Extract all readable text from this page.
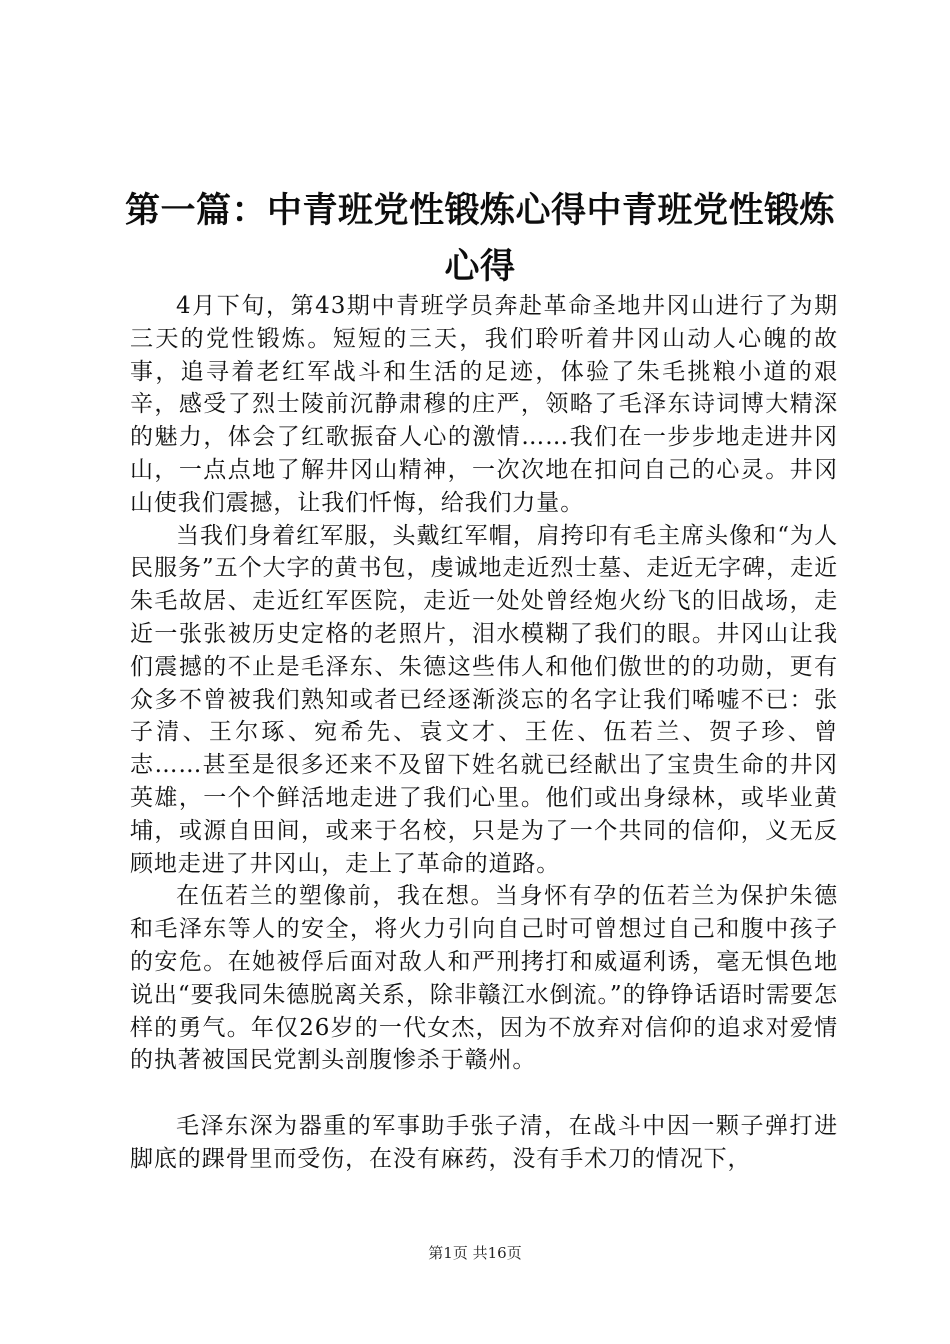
第一篇：中青班党性锻炼心得中青班党性锻炼心得

4月下旬，第43期中青班学员奔赴革命圣地井冈山进行了为期三天的党性锻炼。短短的三天，我们聆听着井冈山动人心魄的故事，追寻着老红军战斗和生活的足迹，体验了朱毛挑粮小道的艰辛，感受了烈士陵前沉静肃穆的庄严，领略了毛泽东诗词博大精深的魅力，体会了红歌振奋人心的激情……我们在一步步地走进井冈山，一点点地了解井冈山精神，一次次地在扣问自己的心灵。井冈山使我们震撼，让我们忏悔，给我们力量。

当我们身着红军服，头戴红军帽，肩挎印有毛主席头像和“为人民服务”五个大字的黄书包，虔诚地走近烈士墓、走近无字碑，走近朱毛故居、走近红军医院，走近一处处曾经炮火纷飞的旧战场，走近一张张被历史定格的老照片，泪水模糊了我们的眼。井冈山让我们震撼的不止是毛泽东、朱德这些伟人和他们傲世的的功勋，更有众多不曾被我们熟知或者已经逐渐淡忘的名字让我们唏嘘不已：张子清、王尔琢、宛希先、袁文才、王佐、伍若兰、贺子珍、曾志……甚至是很多还来不及留下姓名就已经献出了宝贵生命的井冈英雄，一个个鲜活地走进了我们心里。他们或出身绿林，或毕业黄埔，或源自田间，或来于名校，只是为了一个共同的信仰，义无反顾地走进了井冈山，走上了革命的道路。

在伍若兰的塑像前，我在想。当身怀有孕的伍若兰为保护朱德和毛泽东等人的安全，将火力引向自己时可曾想过自己和腹中孩子的安危。在她被俘后面对敌人和严刑拷打和威逼利诱，毫无惧色地说出“要我同朱德脱离关系，除非赣江水倒流。”的铮铮话语时需要怎样的勇气。年仅26岁的一代女杰，因为不放弃对信仰的追求对爱情的执著被国民党割头剖腹惨杀于赣州。

毛泽东深为器重的军事助手张子清，在战斗中因一颗子弹打进脚底的踝骨里而受伤，在没有麻药，没有手术刀的情况下，

第1页 共16页
